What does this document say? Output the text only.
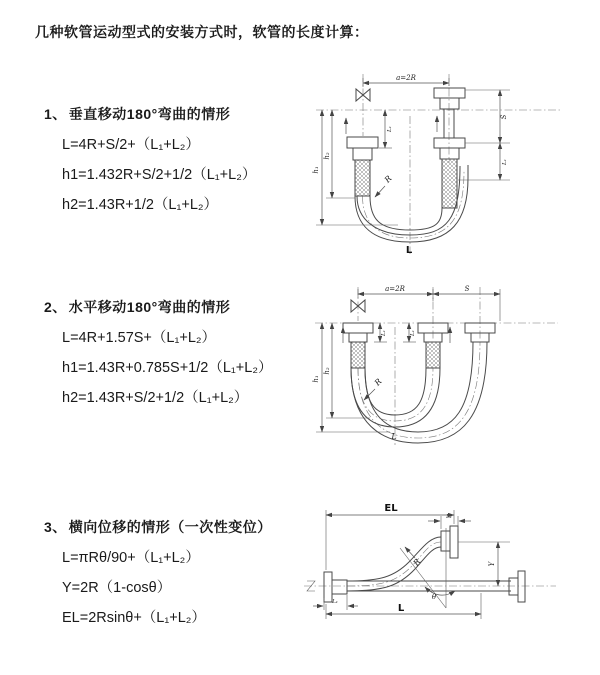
几种软管运动型式的安装方式时，软管的长度计算：
1、 垂直移动180°弯曲的情形
L=4R+S/2+（L₁+L₂）
h1=1.432R+S/2+1/2（L₁+L₂）
h2=1.43R+1/2（L₁+L₂）
2、 水平移动180°弯曲的情形
L=4R+1.57S+（L₁+L₂）
h1=1.43R+0.785S+1/2（L₁+L₂）
h2=1.43R+S/2+1/2（L₁+L₂）
3、 横向位移的情形（一次性变位）
L=πRθ/90+（L₁+L₂）
Y=2R（1-cosθ）
EL=2Rsinθ+（L₁+L₂）
a=2R
h₁
h₂
S
L₁
L₁
R
L
a=2R	S
h₁
h₂
L₁	L₁
R
L
EL
L₁
Y
R
θ
L
L₁
